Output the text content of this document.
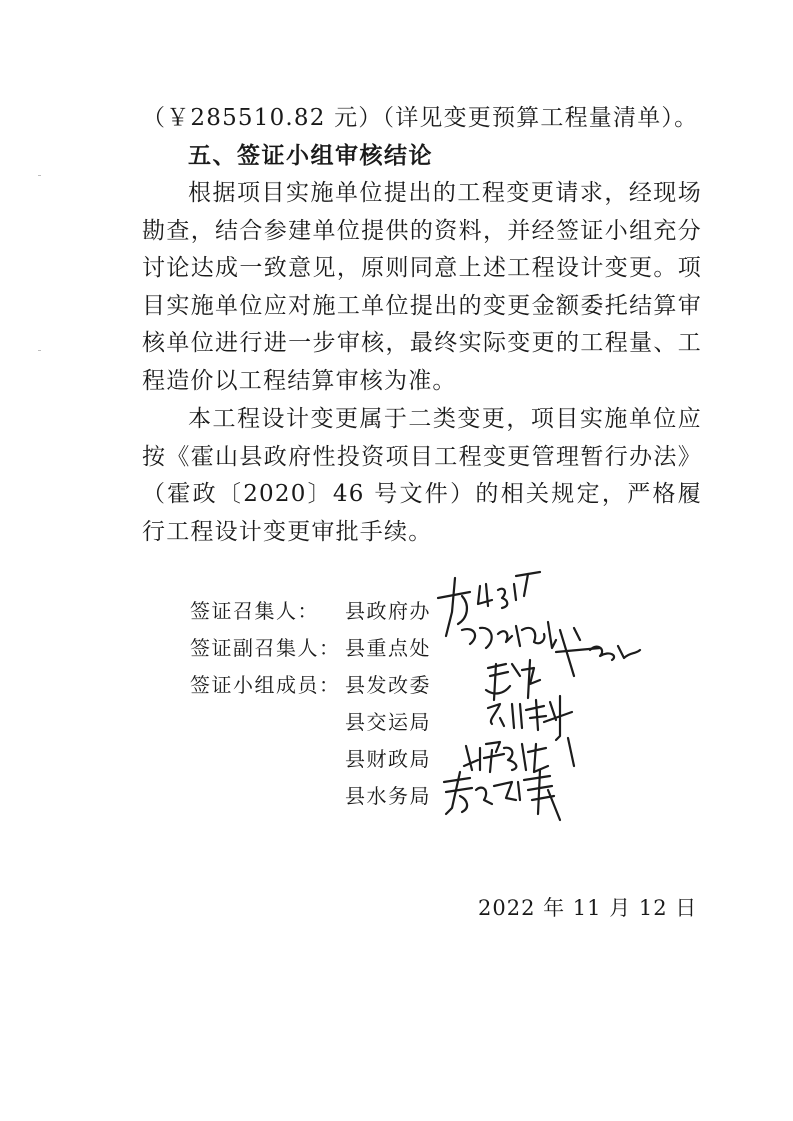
（￥285510.82 元）（详见变更预算工程量清单）。

五、签证小组审核结论

根据项目实施单位提出的工程变更请求，经现场勘查，结合参建单位提供的资料，并经签证小组充分讨论达成一致意见，原则同意上述工程设计变更。项目实施单位应对施工单位提出的变更金额委托结算审核单位进行进一步审核，最终实际变更的工程量、工程造价以工程结算审核为准。

本工程设计变更属于二类变更，项目实施单位应按《霍山县政府性投资项目工程变更管理暂行办法》（霍政〔2020〕46 号文件）的相关规定，严格履行工程设计变更审批手续。

签证召集人： 县政府办
签证副召集人： 县重点处
签证小组成员： 县发改委
县交运局
县财政局
县水务局
2022 年 11 月 12 日
